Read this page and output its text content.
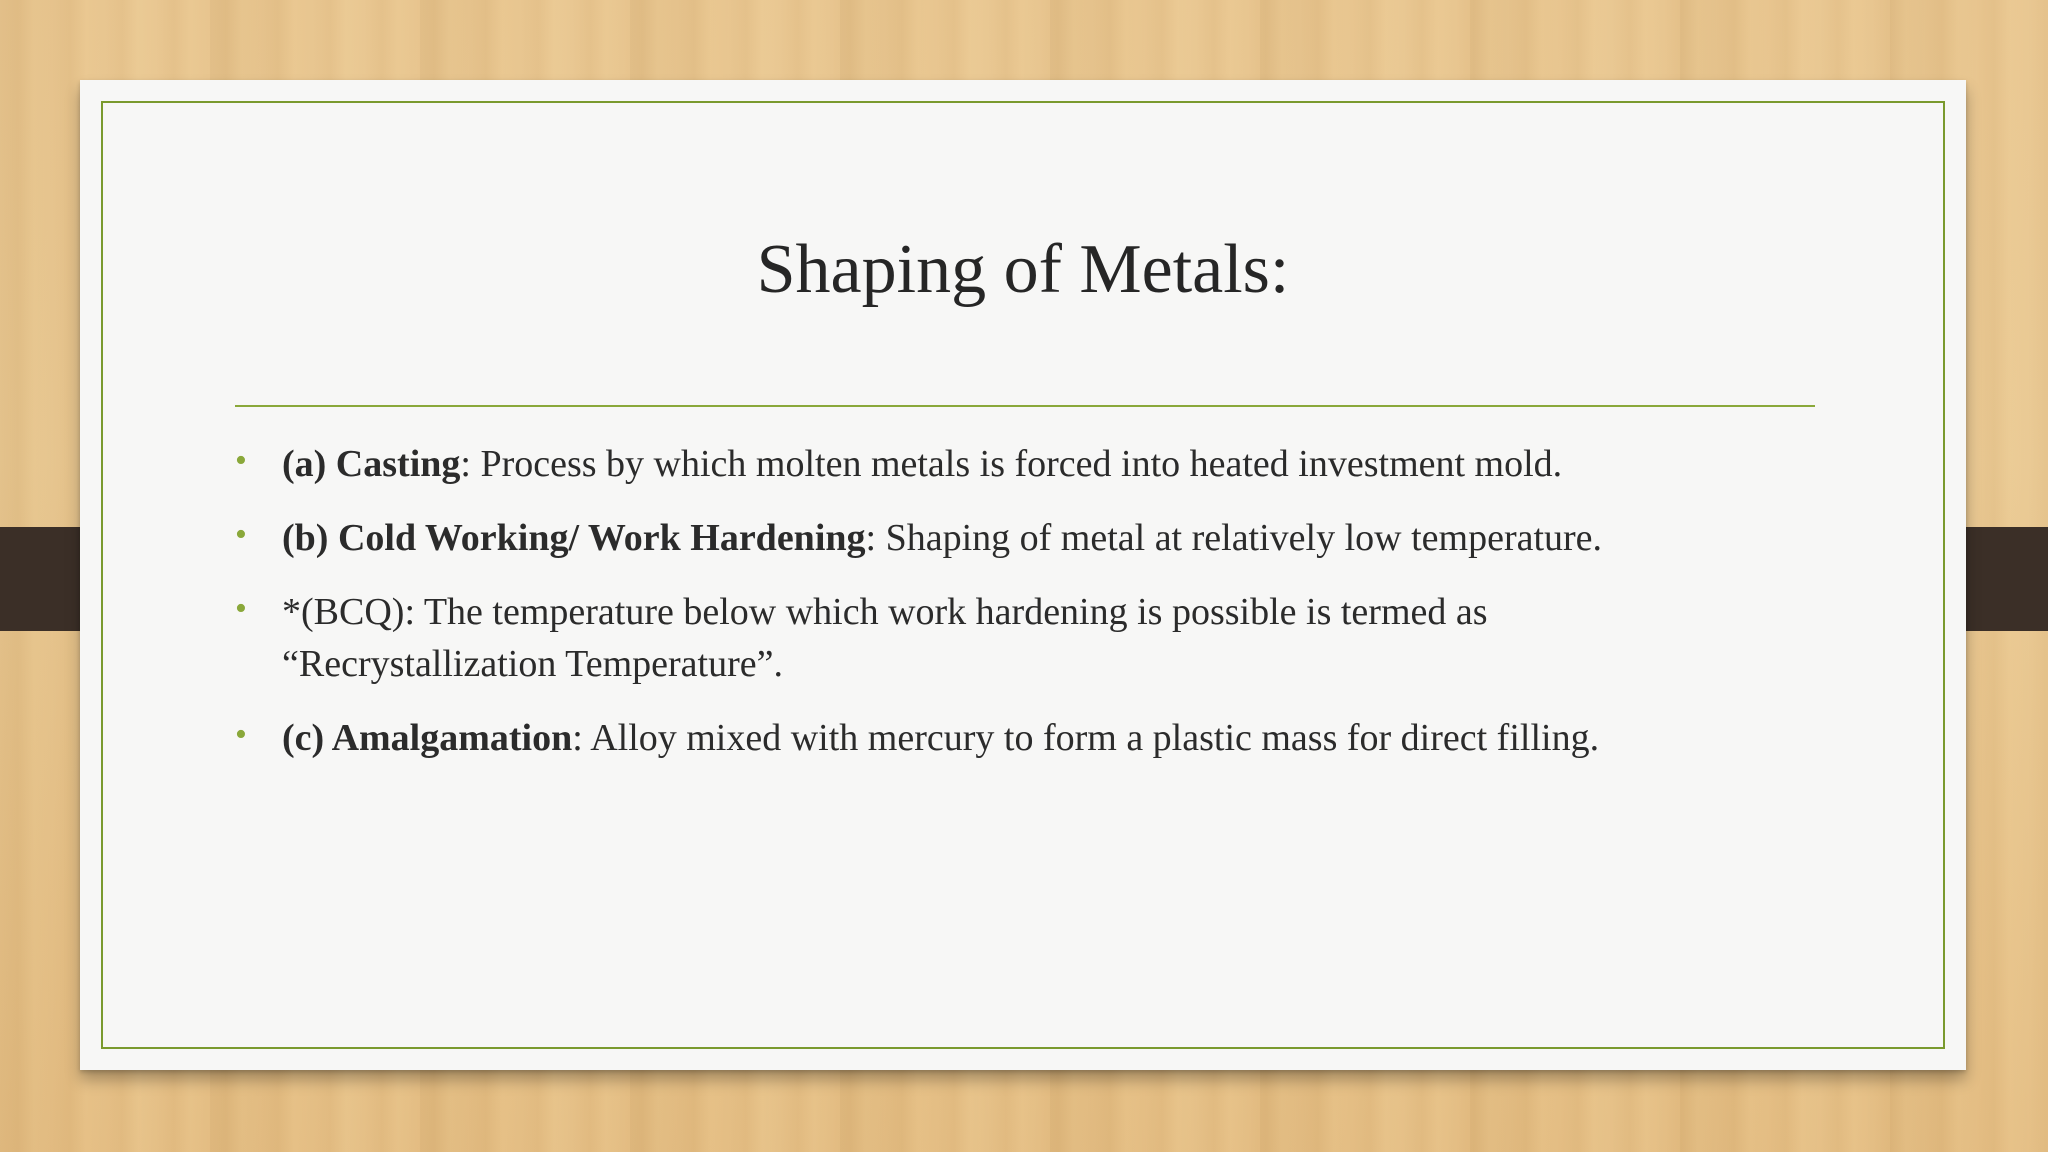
Shaping of Metals:
• (a) Casting: Process by which molten metals is forced into heated investment mold.
• (b) Cold Working/ Work Hardening: Shaping of metal at relatively low temperature.
• *(BCQ): The temperature below which work hardening is possible is termed as “Recrystallization Temperature”.
• (c) Amalgamation: Alloy mixed with mercury to form a plastic mass for direct filling.
